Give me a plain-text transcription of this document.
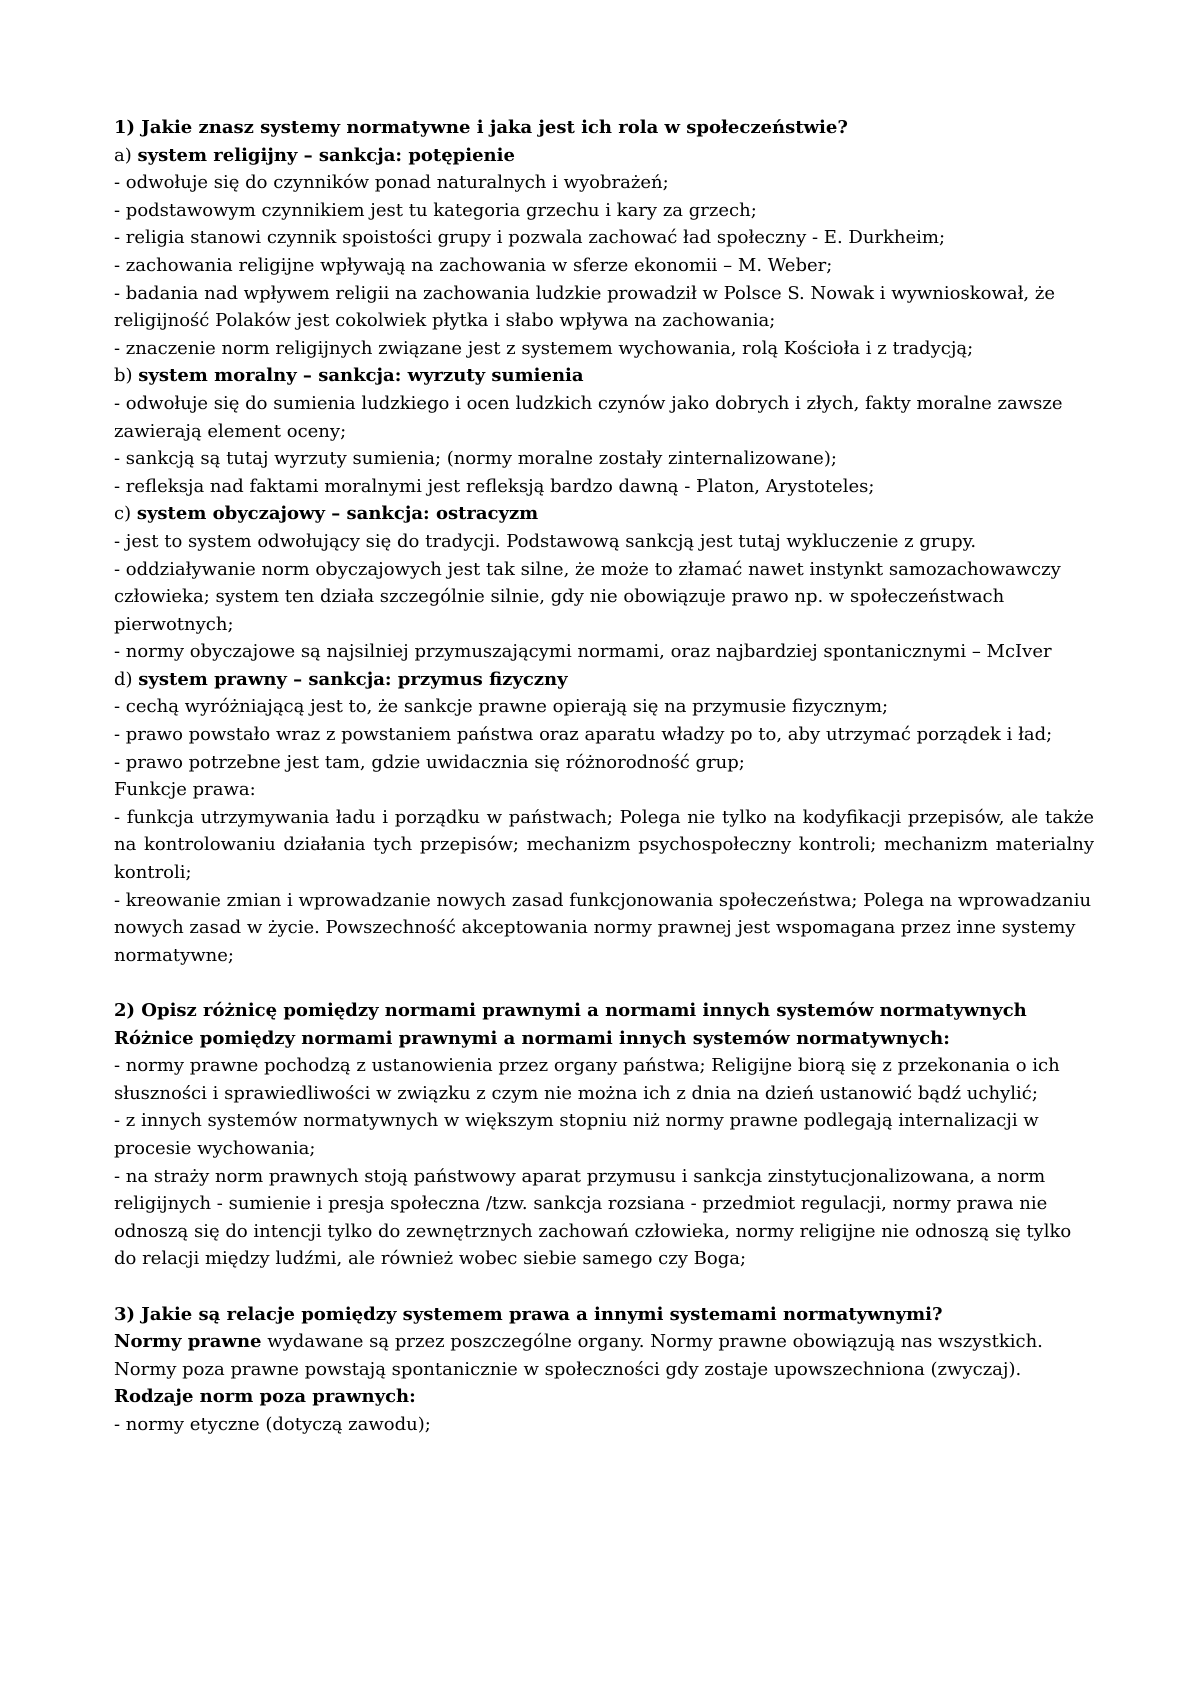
1) Jakie znasz systemy normatywne i jaka jest ich rola w społeczeństwie?

a) system religijny – sankcja: potępienie

- odwołuje się do czynników ponad naturalnych i wyobrażeń;

- podstawowym czynnikiem jest tu kategoria grzechu i kary za grzech;

- religia stanowi czynnik spoistości grupy i pozwala zachować ład społeczny - E. Durkheim;

- zachowania religijne wpływają na zachowania w sferze ekonomii – M. Weber;

- badania nad wpływem religii na zachowania ludzkie prowadził w Polsce S. Nowak i wywnioskował, że religijność Polaków jest cokolwiek płytka i słabo wpływa na zachowania;

- znaczenie norm religijnych związane jest z systemem wychowania, rolą Kościoła i z tradycją;

b) system moralny – sankcja: wyrzuty sumienia

- odwołuje się do sumienia ludzkiego i ocen ludzkich czynów jako dobrych i złych, fakty moralne zawsze zawierają element oceny;

- sankcją są tutaj wyrzuty sumienia; (normy moralne zostały zinternalizowane);

- refleksja nad faktami moralnymi jest refleksją bardzo dawną - Platon, Arystoteles;

c) system obyczajowy – sankcja: ostracyzm

- jest to system odwołujący się do tradycji. Podstawową sankcją jest tutaj wykluczenie z grupy.

- oddziaływanie norm obyczajowych jest tak silne, że może to złamać nawet instynkt samozachowawczy człowieka; system ten działa szczególnie silnie, gdy nie obowiązuje prawo np. w społeczeństwach pierwotnych;

- normy obyczajowe są najsilniej przymuszającymi normami, oraz najbardziej spontanicznymi – McIver

d) system prawny – sankcja: przymus fizyczny

- cechą wyróżniającą jest to, że sankcje prawne opierają się na przymusie fizycznym;

- prawo powstało wraz z powstaniem państwa oraz aparatu władzy po to, aby utrzymać porządek i ład;

- prawo potrzebne jest tam, gdzie uwidacznia się różnorodność grup;

Funkcje prawa:

- funkcja utrzymywania ładu i porządku w państwach; Polega nie tylko na kodyfikacji przepisów, ale także na kontrolowaniu działania tych przepisów; mechanizm psychospołeczny kontroli; mechanizm materialny kontroli;

- kreowanie zmian i wprowadzanie nowych zasad funkcjonowania społeczeństwa; Polega na wprowadzaniu nowych zasad w życie. Powszechność akceptowania normy prawnej jest wspomagana przez inne systemy normatywne;

2) Opisz różnicę pomiędzy normami prawnymi a normami innych systemów normatywnych

Różnice pomiędzy normami prawnymi a normami innych systemów normatywnych:

- normy prawne pochodzą z ustanowienia przez organy państwa; Religijne biorą się z przekonania o ich słuszności i sprawiedliwości w związku z czym nie można ich z dnia na dzień ustanowić bądź uchylić;

- z innych systemów normatywnych w większym stopniu niż normy prawne podlegają internalizacji w procesie wychowania;

- na straży norm prawnych stoją państwowy aparat przymusu i sankcja zinstytucjonalizowana, a norm religijnych - sumienie i presja społeczna /tzw. sankcja rozsiana - przedmiot regulacji, normy prawa nie odnoszą się do intencji tylko do zewnętrznych zachowań człowieka, normy religijne nie odnoszą się tylko do relacji między ludźmi, ale również wobec siebie samego czy Boga;

3) Jakie są relacje pomiędzy systemem prawa a innymi systemami normatywnymi?

Normy prawne wydawane są przez poszczególne organy. Normy prawne obowiązują nas wszystkich. Normy poza prawne powstają spontanicznie w społeczności gdy zostaje upowszechniona (zwyczaj).

Rodzaje norm poza prawnych:

- normy etyczne (dotyczą zawodu);
